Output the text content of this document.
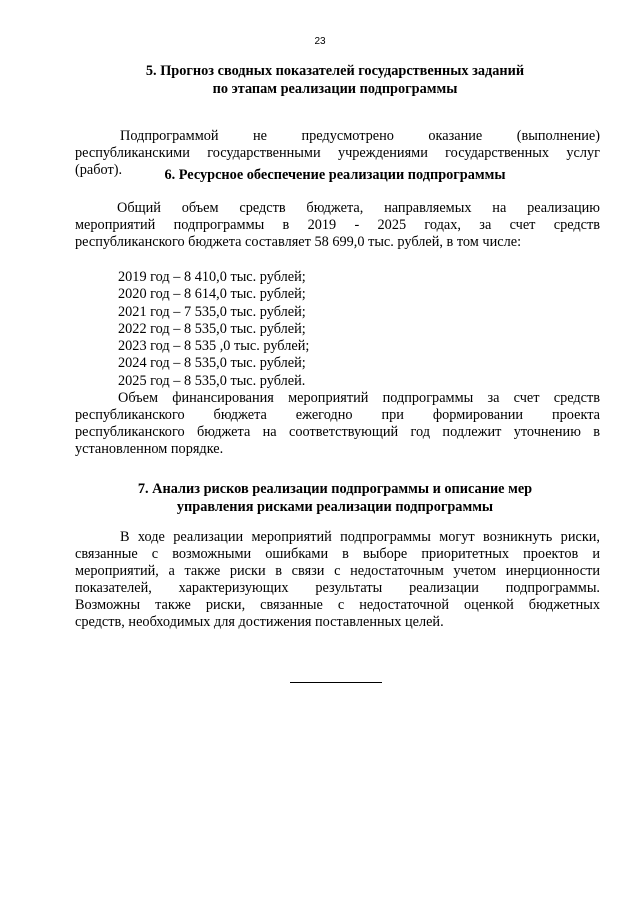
23
5. Прогноз сводных показателей государственных заданий
по этапам реализации подпрограммы
Подпрограммой не предусмотрено оказание (выполнение)
республиканскими государственными учреждениями государственных услуг
(работ).	6. Ресурсное обеспечение реализации подпрограммы
Общий объем средств бюджета, направляемых на реализацию
мероприятий подпрограммы в 2019 - 2025 годах, за счет средств
республиканского бюджета составляет 58 699,0 тыс. рублей, в том числе:
2019 год – 8 410,0 тыс. рублей;
2020 год – 8 614,0 тыс. рублей;
2021 год – 7 535,0 тыс. рублей;
2022 год – 8 535,0 тыс. рублей;
2023 год – 8 535 ,0 тыс. рублей;
2024 год – 8 535,0 тыс. рублей;
2025 год – 8 535,0 тыс. рублей.
Объем финансирования мероприятий подпрограммы за счет средств
республиканского бюджета ежегодно при формировании проекта
республиканского бюджета на соответствующий год подлежит уточнению в
установленном порядке.
7. Анализ рисков реализации подпрограммы и описание мер
управления рисками реализации подпрограммы
В ходе реализации мероприятий подпрограммы могут возникнуть риски,
связанные с возможными ошибками в выборе приоритетных проектов и
мероприятий, а также риски в связи с недостаточным учетом инерционности
показателей, характеризующих результаты реализации подпрограммы.
Возможны также риски, связанные с недостаточной оценкой бюджетных
средств, необходимых для достижения поставленных целей.
